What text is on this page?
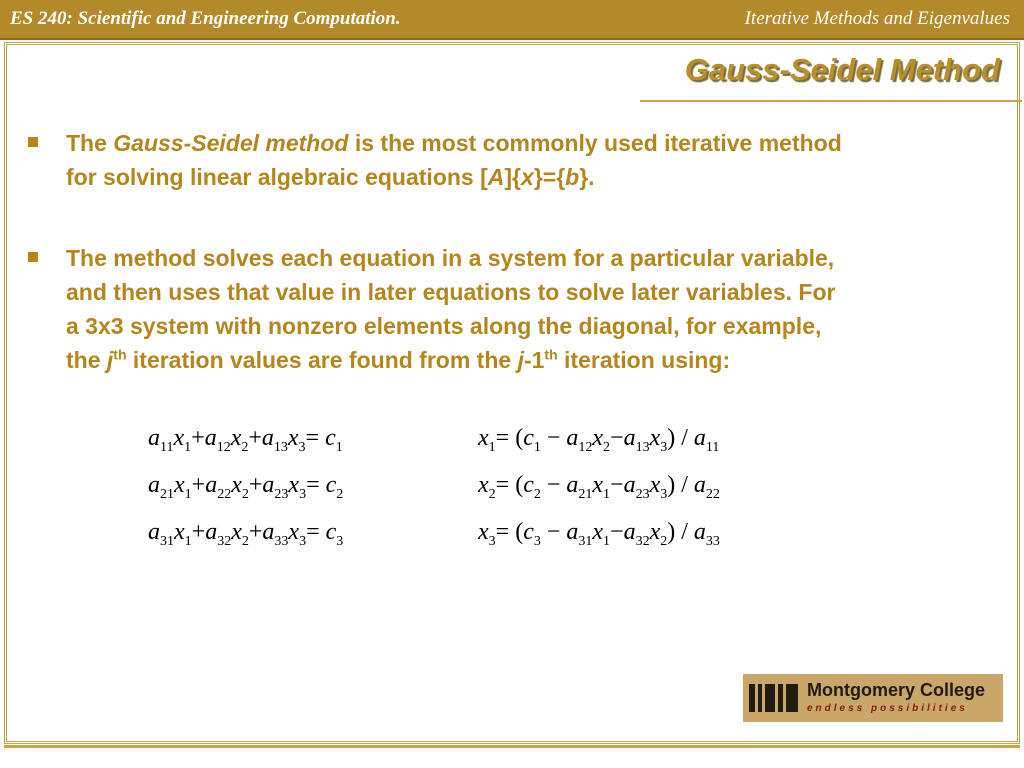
ES 240: Scientific and Engineering Computation.	Iterative Methods and Eigenvalues
Gauss-Seidel Method
The Gauss-Seidel method is the most commonly used iterative method
for solving linear algebraic equations [A]{x}={b}.
The method solves each equation in a system for a particular variable,
and then uses that value in later equations to solve later variables. For
a 3x3 system with nonzero elements along the diagonal, for example,
the $j^{th}$ iteration values are found from the j-1th iteration using:
$a_{11}x_1+a_{12}x_2+a_{13}x_3= c_1$
$a_{21}x_1+a_{22}x_2+a_{23}x_3= c_2$
$a_{31}x_1+a_{32}x_2+a_{33}x_3= c_3$
$x_1= (c_1 - a_{12}x_2-a_{13}x_3) / a_{11}$
$x_2= (c_2 - a_{21}x_1-a_{23}x_3) / a_{22}$
$x_3= (c_3 - a_{31}x_1-a_{32}x_2) / a_{33}$
Montgomery College
endless possibilities
